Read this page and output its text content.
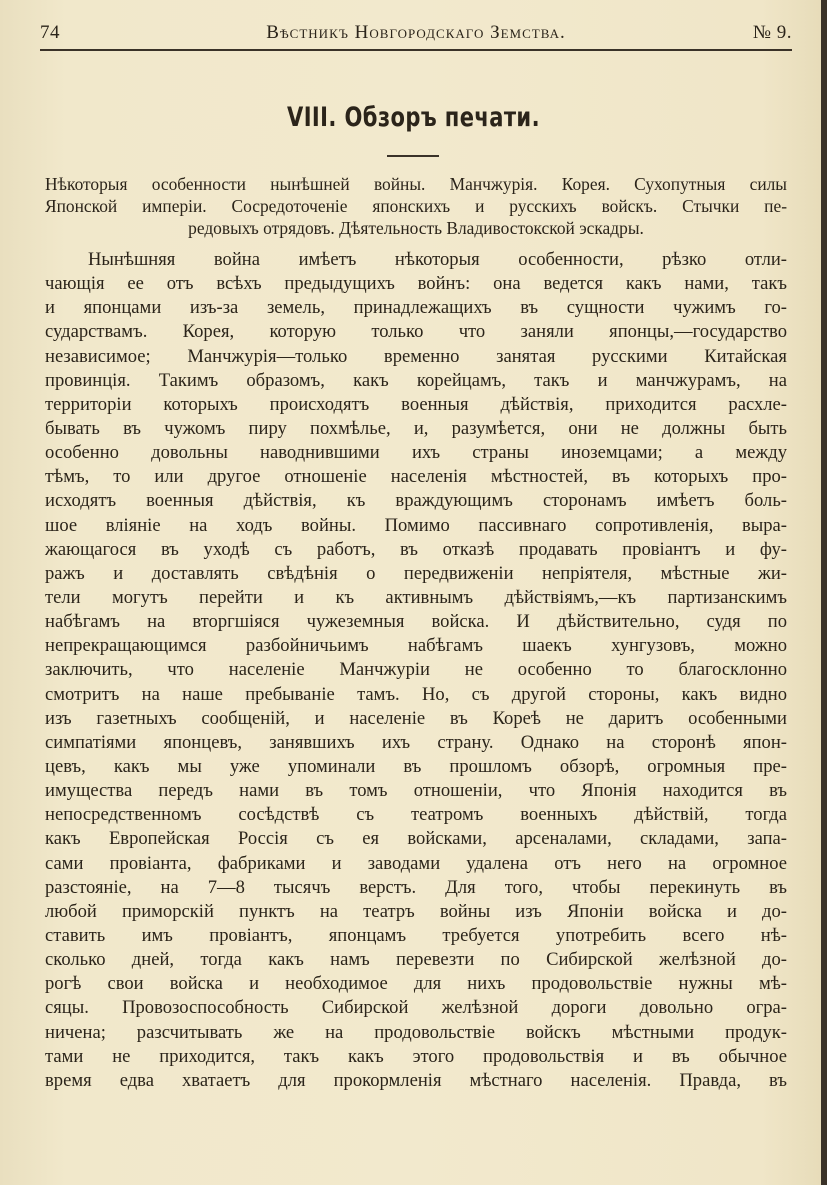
74	Вѣстникъ Новгородскаго Земства.	№ 9.
VIII. Обзоръ печати.
Нѣкоторыя особенности нынѣшней войны. Манчжурія. Корея. Сухопутныя силы
Японской имперіи. Сосредоточеніе японскихъ и русскихъ войскъ. Стычки пе-
редовыхъ отрядовъ. Дѣятельность Владивостокской эскадры.
Нынѣшняя война имѣетъ нѣкоторыя особенности, рѣзко отли-
чающія ее отъ всѣхъ предыдущихъ войнъ: она ведется какъ нами, такъ
и японцами изъ-за земель, принадлежащихъ въ сущности чужимъ го-
сударствамъ. Корея, которую только что заняли японцы,—государство
независимое; Манчжурія—только временно занятая русскими Китайская
провинція. Такимъ образомъ, какъ корейцамъ, такъ и манчжурамъ, на
территоріи которыхъ происходятъ военныя дѣйствія, приходится расхле-
бывать въ чужомъ пиру похмѣлье, и, разумѣется, они не должны быть
особенно довольны наводнившими ихъ страны иноземцами; а между
тѣмъ, то или другое отношеніе населенія мѣстностей, въ которыхъ про-
исходятъ военныя дѣйствія, къ враждующимъ сторонамъ имѣетъ боль-
шое вліяніе на ходъ войны. Помимо пассивнаго сопротивленія, выра-
жающагося въ уходѣ съ работъ, въ отказѣ продавать провіантъ и фу-
ражъ и доставлять свѣдѣнія о передвиженіи непріятеля, мѣстные жи-
тели могутъ перейти и къ активнымъ дѣйствіямъ,—къ партизанскимъ
набѣгамъ на вторгшіяся чужеземныя войска. И дѣйствительно, судя по
непрекращающимся разбойничьимъ набѣгамъ шаекъ хунгузовъ, можно
заключить, что населеніе Манчжуріи не особенно то благосклонно
смотритъ на наше пребываніе тамъ. Но, съ другой стороны, какъ видно
изъ газетныхъ сообщеній, и населеніе въ Кореѣ не даритъ особенными
симпатіями японцевъ, занявшихъ ихъ страну. Однако на сторонѣ япон-
цевъ, какъ мы уже упоминали въ прошломъ обзорѣ, огромныя пре-
имущества передъ нами въ томъ отношеніи, что Японія находится въ
непосредственномъ сосѣдствѣ съ театромъ военныхъ дѣйствій, тогда
какъ Европейская Россія съ ея войсками, арсеналами, складами, запа-
сами провіанта, фабриками и заводами удалена отъ него на огромное
разстояніе, на 7—8 тысячъ верстъ. Для того, чтобы перекинуть въ
любой приморскій пунктъ на театръ войны изъ Японіи войска и до-
ставить имъ провіантъ, японцамъ требуется употребить всего нѣ-
сколько дней, тогда какъ намъ перевезти по Сибирской желѣзной до-
рогѣ свои войска и необходимое для нихъ продовольствіе нужны мѣ-
сяцы. Провозоспособность Сибирской желѣзной дороги довольно огра-
ничена; разсчитывать же на продовольствіе войскъ мѣстными продук-
тами не приходится, такъ какъ этого продовольствія и въ обычное
время едва хватаетъ для прокормленія мѣстнаго населенія. Правда, въ
